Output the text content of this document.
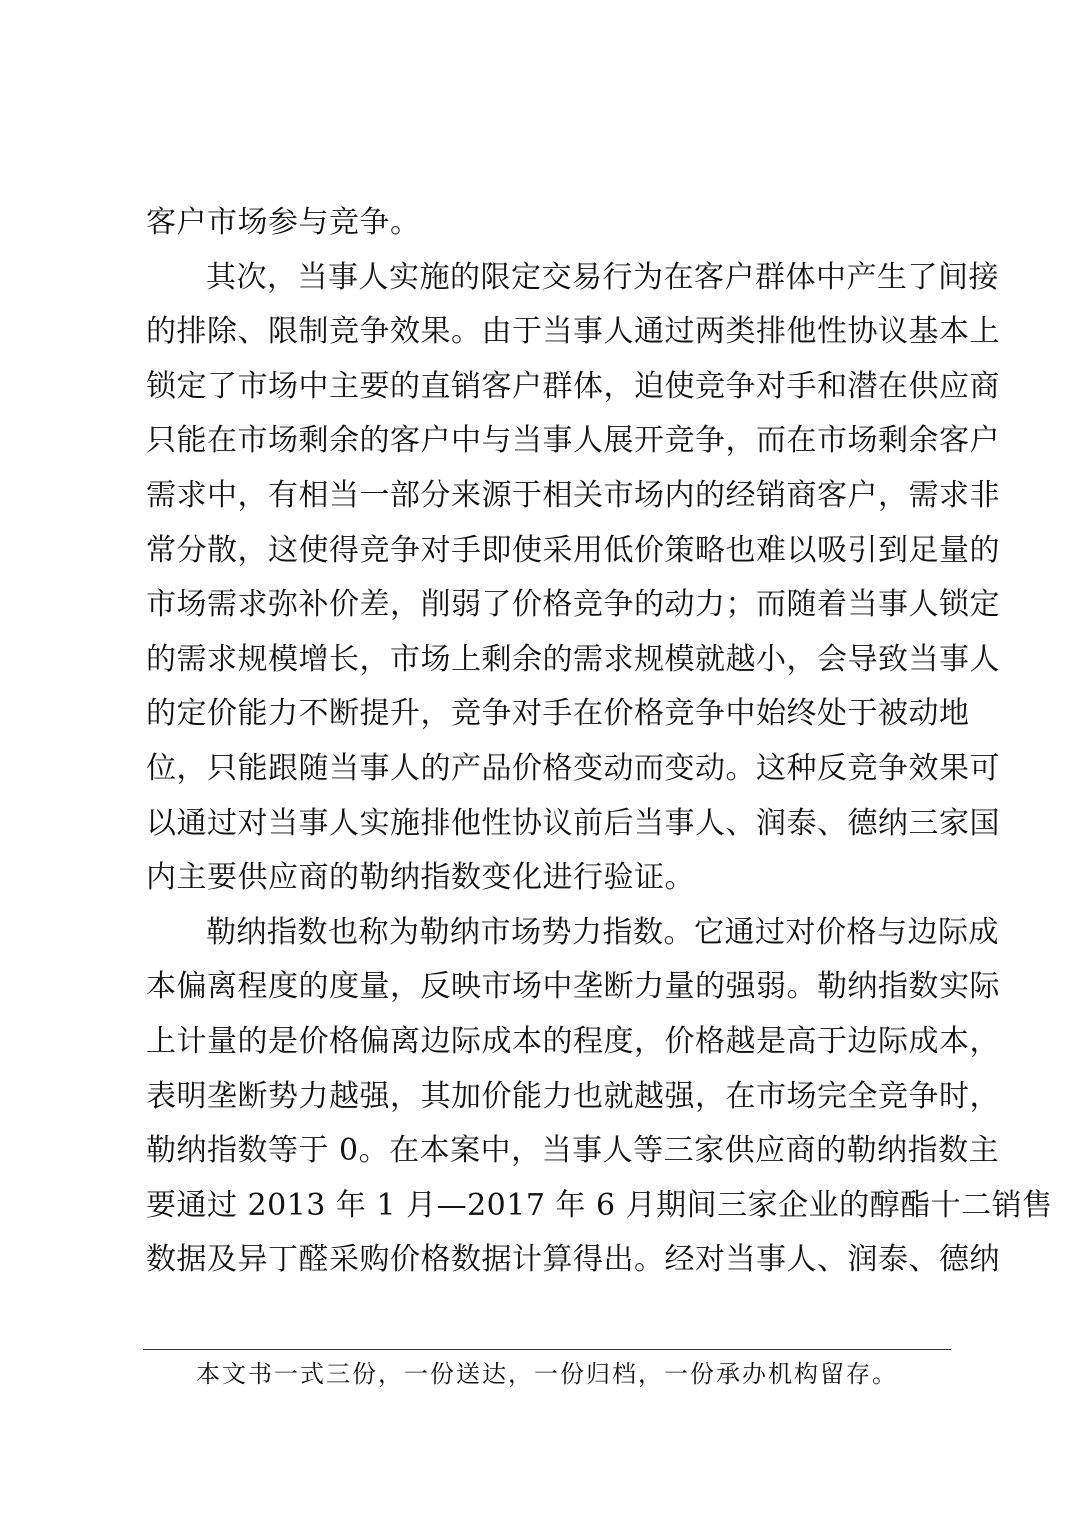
客户市场参与竞争。
其次，当事人实施的限定交易行为在客户群体中产生了间接
的排除、限制竞争效果。由于当事人通过两类排他性协议基本上
锁定了市场中主要的直销客户群体，迫使竞争对手和潜在供应商
只能在市场剩余的客户中与当事人展开竞争，而在市场剩余客户
需求中，有相当一部分来源于相关市场内的经销商客户，需求非
常分散，这使得竞争对手即使采用低价策略也难以吸引到足量的
市场需求弥补价差，削弱了价格竞争的动力；而随着当事人锁定
的需求规模增长，市场上剩余的需求规模就越小，会导致当事人
的定价能力不断提升，竞争对手在价格竞争中始终处于被动地
位，只能跟随当事人的产品价格变动而变动。这种反竞争效果可
以通过对当事人实施排他性协议前后当事人、润泰、德纳三家国
内主要供应商的勒纳指数变化进行验证。
勒纳指数也称为勒纳市场势力指数。它通过对价格与边际成
本偏离程度的度量，反映市场中垄断力量的强弱。勒纳指数实际
上计量的是价格偏离边际成本的程度，价格越是高于边际成本，
表明垄断势力越强，其加价能力也就越强，在市场完全竞争时，
勒纳指数等于 0。在本案中，当事人等三家供应商的勒纳指数主
要通过 2013 年 1 月—2017 年 6 月期间三家企业的醇酯十二销售
数据及异丁醛采购价格数据计算得出。经对当事人、润泰、德纳
本文书一式三份，一份送达，一份归档，一份承办机构留存。
